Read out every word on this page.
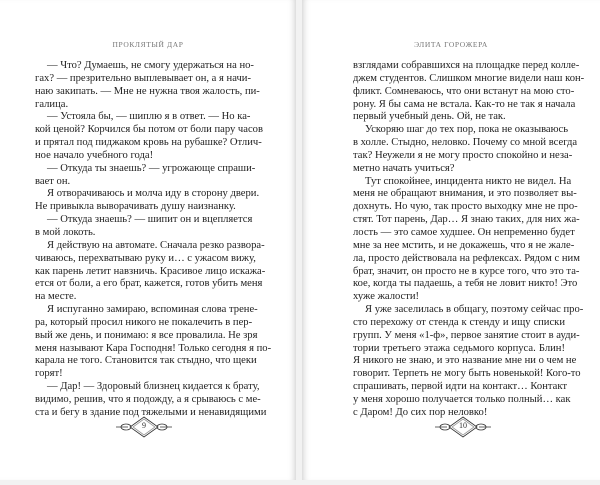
ПРОКЛЯТЫЙ ДАР
— Что? Думаешь, не смогу удержаться на но-
гах? — презрительно выплевывает он, а я начи-
наю закипать. — Мне не нужна твоя жалость, пи-
галица.
— Устояла бы, — шиплю я в ответ. — Но ка-
кой ценой? Корчился бы потом от боли пару часов
и прятал под пиджаком кровь на рубашке? Отлич-
ное начало учебного года!
— Откуда ты знаешь? — угрожающе спраши-
вает он.
Я отворачиваюсь и молча иду в сторону двери.
Не привыкла выворачивать душу наизнанку.
— Откуда знаешь? — шипит он и вцепляется
в мой локоть.
Я действую на автомате. Сначала резко развора-
чиваюсь, перехватываю руку и… с ужасом вижу,
как парень летит навзничь. Красивое лицо искажа-
ется от боли, а его брат, кажется, готов убить меня
на месте.
Я испуганно замираю, вспоминая слова трене-
ра, который просил никого не покалечить в пер-
вый же день, и понимаю: я все провалила. Не зря
меня называют Кара Господня! Только сегодня я по-
карала не того. Становится так стыдно, что щеки
горят!
— Дар! — Здоровый близнец кидается к брату,
видимо, решив, что я подожду, а я срываюсь с ме-
ста и бегу в здание под тяжелыми и ненавидящими
9
ЭЛИТА ГОРОЖЕРА
взглядами собравшихся на площадке перед колле-
джем студентов. Слишком многие видели наш кон-
фликт. Сомневаюсь, что они встанут на мою сто-
рону. Я бы сама не встала. Как-то не так я начала
первый учебный день. Ой, не так.
Ускоряю шаг до тех пор, пока не оказываюсь
в холле. Стыдно, неловко. Почему со мной всегда
так? Неужели я не могу просто спокойно и неза-
метно начать учиться?
Тут спокойнее, инцидента никто не видел. На
меня не обращают внимания, и это позволяет вы-
дохнуть. Но чую, так просто выходку мне не про-
стят. Тот парень, Дар… Я знаю таких, для них жа-
лость — это самое худшее. Он непременно будет
мне за нее мстить, и не докажешь, что я не жале-
ла, просто действовала на рефлексах. Рядом с ним
брат, значит, он просто не в курсе того, что это та-
кое, когда ты падаешь, а тебя не ловит никто! Это
хуже жалости!
Я уже заселилась в общагу, поэтому сейчас про-
сто перехожу от стенда к стенду и ищу списки
групп. У меня «1-ф», первое занятие стоит в ауди-
тории третьего этажа седьмого корпуса. Блин!
Я никого не знаю, и это название мне ни о чем не
говорит. Терпеть не могу быть новенькой! Кого-то
спрашивать, первой идти на контакт… Контакт
у меня хорошо получается только полный… как
с Даром! До сих пор неловко!
10
